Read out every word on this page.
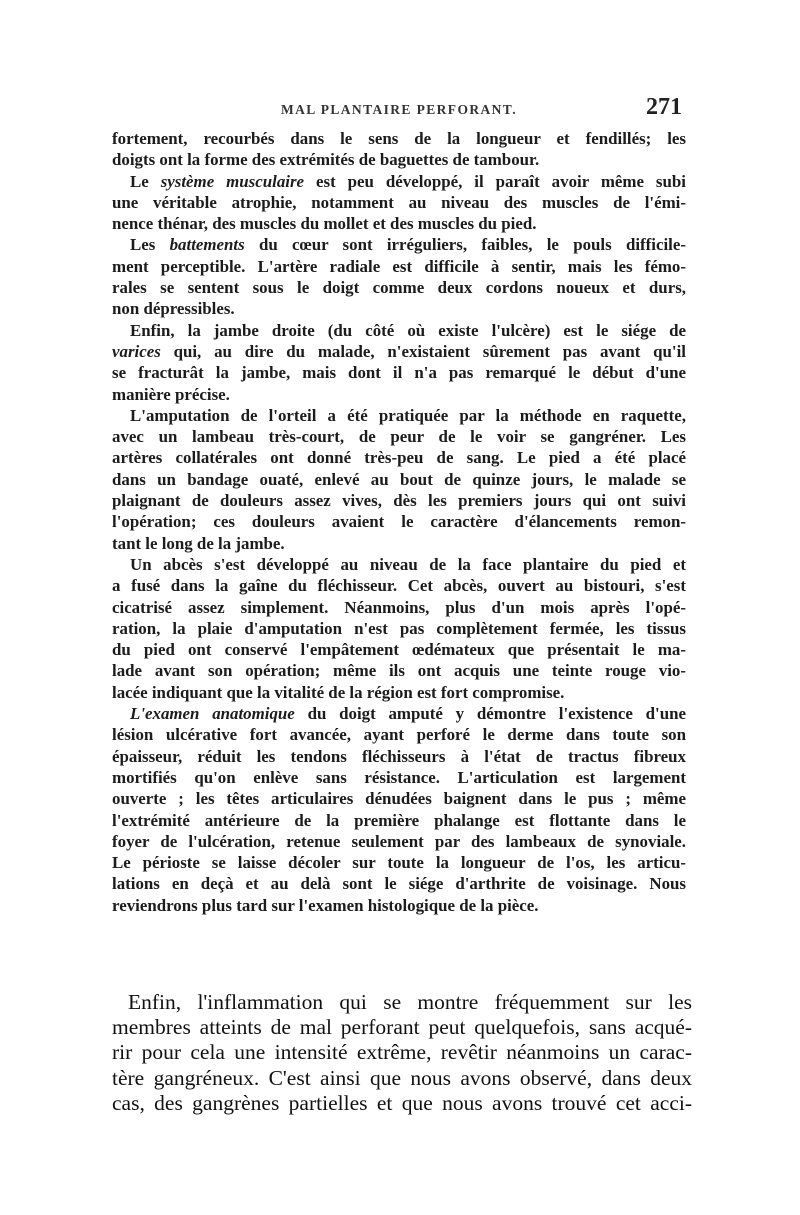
MAL PLANTAIRE PERFORANT.	271
fortement, recourbés dans le sens de la longueur et fendillés; les
doigts ont la forme des extrémités de baguettes de tambour.
Le système musculaire est peu développé, il paraît avoir même subi
une véritable atrophie, notamment au niveau des muscles de l'émi-
nence thénar, des muscles du mollet et des muscles du pied.
Les battements du cœur sont irréguliers, faibles, le pouls difficile-
ment perceptible. L'artère radiale est difficile à sentir, mais les fémo-
rales se sentent sous le doigt comme deux cordons noueux et durs,
non dépressibles.
Enfin, la jambe droite (du côté où existe l'ulcère) est le siége de
varices qui, au dire du malade, n'existaient sûrement pas avant qu'il
se fracturât la jambe, mais dont il n'a pas remarqué le début d'une
manière précise.
L'amputation de l'orteil a été pratiquée par la méthode en raquette,
avec un lambeau très-court, de peur de le voir se gangréner. Les
artères collatérales ont donné très-peu de sang. Le pied a été placé
dans un bandage ouaté, enlevé au bout de quinze jours, le malade se
plaignant de douleurs assez vives, dès les premiers jours qui ont suivi
l'opération; ces douleurs avaient le caractère d'élancements remon-
tant le long de la jambe.
Un abcès s'est développé au niveau de la face plantaire du pied et
a fusé dans la gaîne du fléchisseur. Cet abcès, ouvert au bistouri, s'est
cicatrisé assez simplement. Néanmoins, plus d'un mois après l'opé-
ration, la plaie d'amputation n'est pas complètement fermée, les tissus
du pied ont conservé l'empâtement œdémateux que présentait le ma-
lade avant son opération; même ils ont acquis une teinte rouge vio-
lacée indiquant que la vitalité de la région est fort compromise.
L'examen anatomique du doigt amputé y démontre l'existence d'une
lésion ulcérative fort avancée, ayant perforé le derme dans toute son
épaisseur, réduit les tendons fléchisseurs à l'état de tractus fibreux
mortifiés qu'on enlève sans résistance. L'articulation est largement
ouverte ; les têtes articulaires dénudées baignent dans le pus ; même
l'extrémité antérieure de la première phalange est flottante dans le
foyer de l'ulcération, retenue seulement par des lambeaux de synoviale.
Le périoste se laisse décoler sur toute la longueur de l'os, les articu-
lations en deçà et au delà sont le siége d'arthrite de voisinage. Nous
reviendrons plus tard sur l'examen histologique de la pièce.
Enfin, l'inflammation qui se montre fréquemment sur les
membres atteints de mal perforant peut quelquefois, sans acqué-
rir pour cela une intensité extrême, revêtir néanmoins un carac-
tère gangréneux. C'est ainsi que nous avons observé, dans deux
cas, des gangrènes partielles et que nous avons trouvé cet acci-
